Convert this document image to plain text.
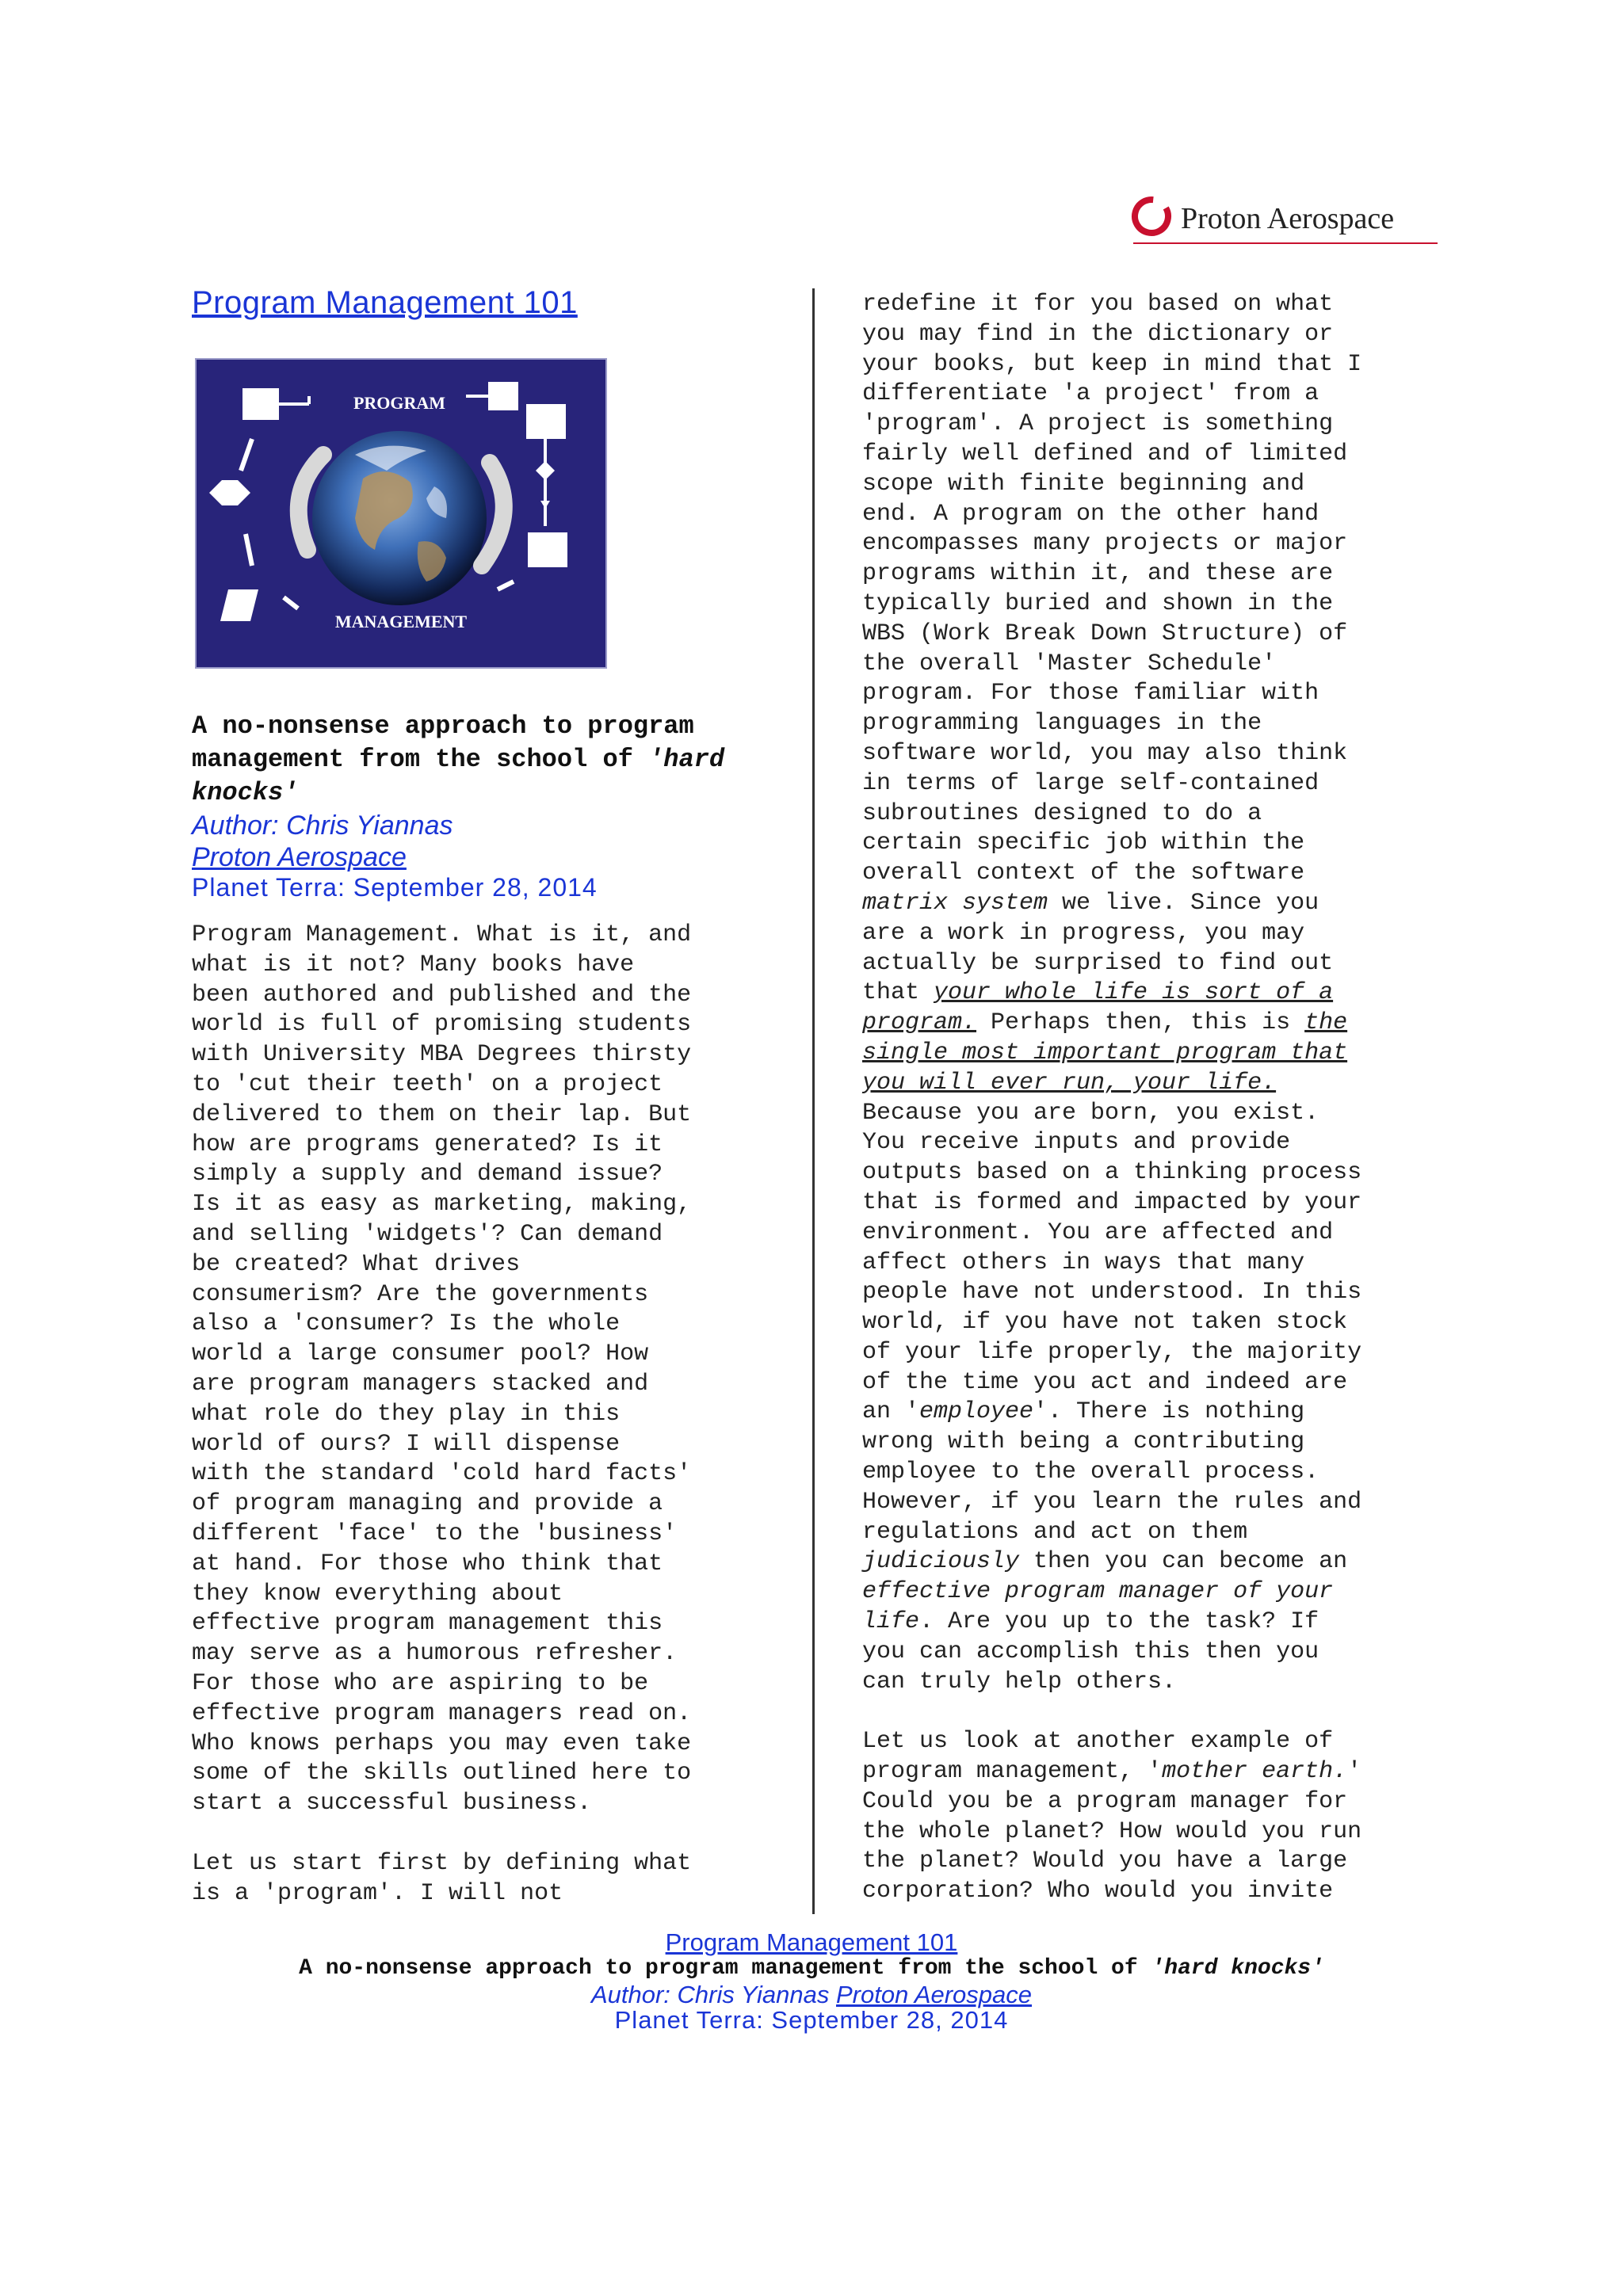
Proton Aerospace
Program Management 101
PROGRAM
MANAGEMENT
A no-nonsense approach to program management from the school of 'hard knocks'
Author: Chris Yiannas
Proton Aerospace
Planet Terra: September 28, 2014

Program Management. What is it, and

what is it not? Many books have

been authored and published and the

world is full of promising students

with University MBA Degrees thirsty

to 'cut their teeth' on a project

delivered to them on their lap. But

how are programs generated? Is it

simply a supply and demand issue?

Is it as easy as marketing, making,

and selling 'widgets'? Can demand

be created? What drives

consumerism? Are the governments

also a 'consumer? Is the whole

world a large consumer pool? How

are program managers stacked and

what role do they play in this

world of ours? I will dispense

with the standard 'cold hard facts'

of program managing and provide a

different 'face' to the 'business'

at hand. For those who think that

they know everything about

effective program management this

may serve as a humorous refresher.

For those who are aspiring to be

effective program managers read on.

Who knows perhaps you may even take

some of the skills outlined here to

start a successful business.

Let us start first by defining what

is a 'program'. I will not

redefine it for you based on what

you may find in the dictionary or

your books, but keep in mind that I

differentiate 'a project' from a

'program'. A project is something

fairly well defined and of limited

scope with finite beginning and

end. A program on the other hand

encompasses many projects or major

programs within it, and these are

typically buried and shown in the

WBS (Work Break Down Structure) of

the overall 'Master Schedule'

program. For those familiar with

programming languages in the

software world, you may also think

in terms of large self-contained

subroutines designed to do a

certain specific job within the

overall context of the software

matrix system we live. Since you

are a work in progress, you may

actually be surprised to find out

that your whole life is sort of a

program. Perhaps then, this is the

single most important program that

you will ever run, your life.

Because you are born, you exist.

You receive inputs and provide

outputs based on a thinking process

that is formed and impacted by your

environment. You are affected and

affect others in ways that many

people have not understood. In this

world, if you have not taken stock

of your life properly, the majority

of the time you act and indeed are

an 'employee'. There is nothing

wrong with being a contributing

employee to the overall process.

However, if you learn the rules and

regulations and act on them

judiciously then you can become an

effective program manager of your

life. Are you up to the task? If

you can accomplish this then you

can truly help others.

Let us look at another example of

program management, 'mother earth.'

Could you be a program manager for

the whole planet? How would you run

the planet? Would you have a large

corporation? Who would you invite

Program Management 101
A no-nonsense approach to program management from the school of 'hard knocks'
Author: Chris Yiannas Proton Aerospace
Planet Terra: September 28, 2014
